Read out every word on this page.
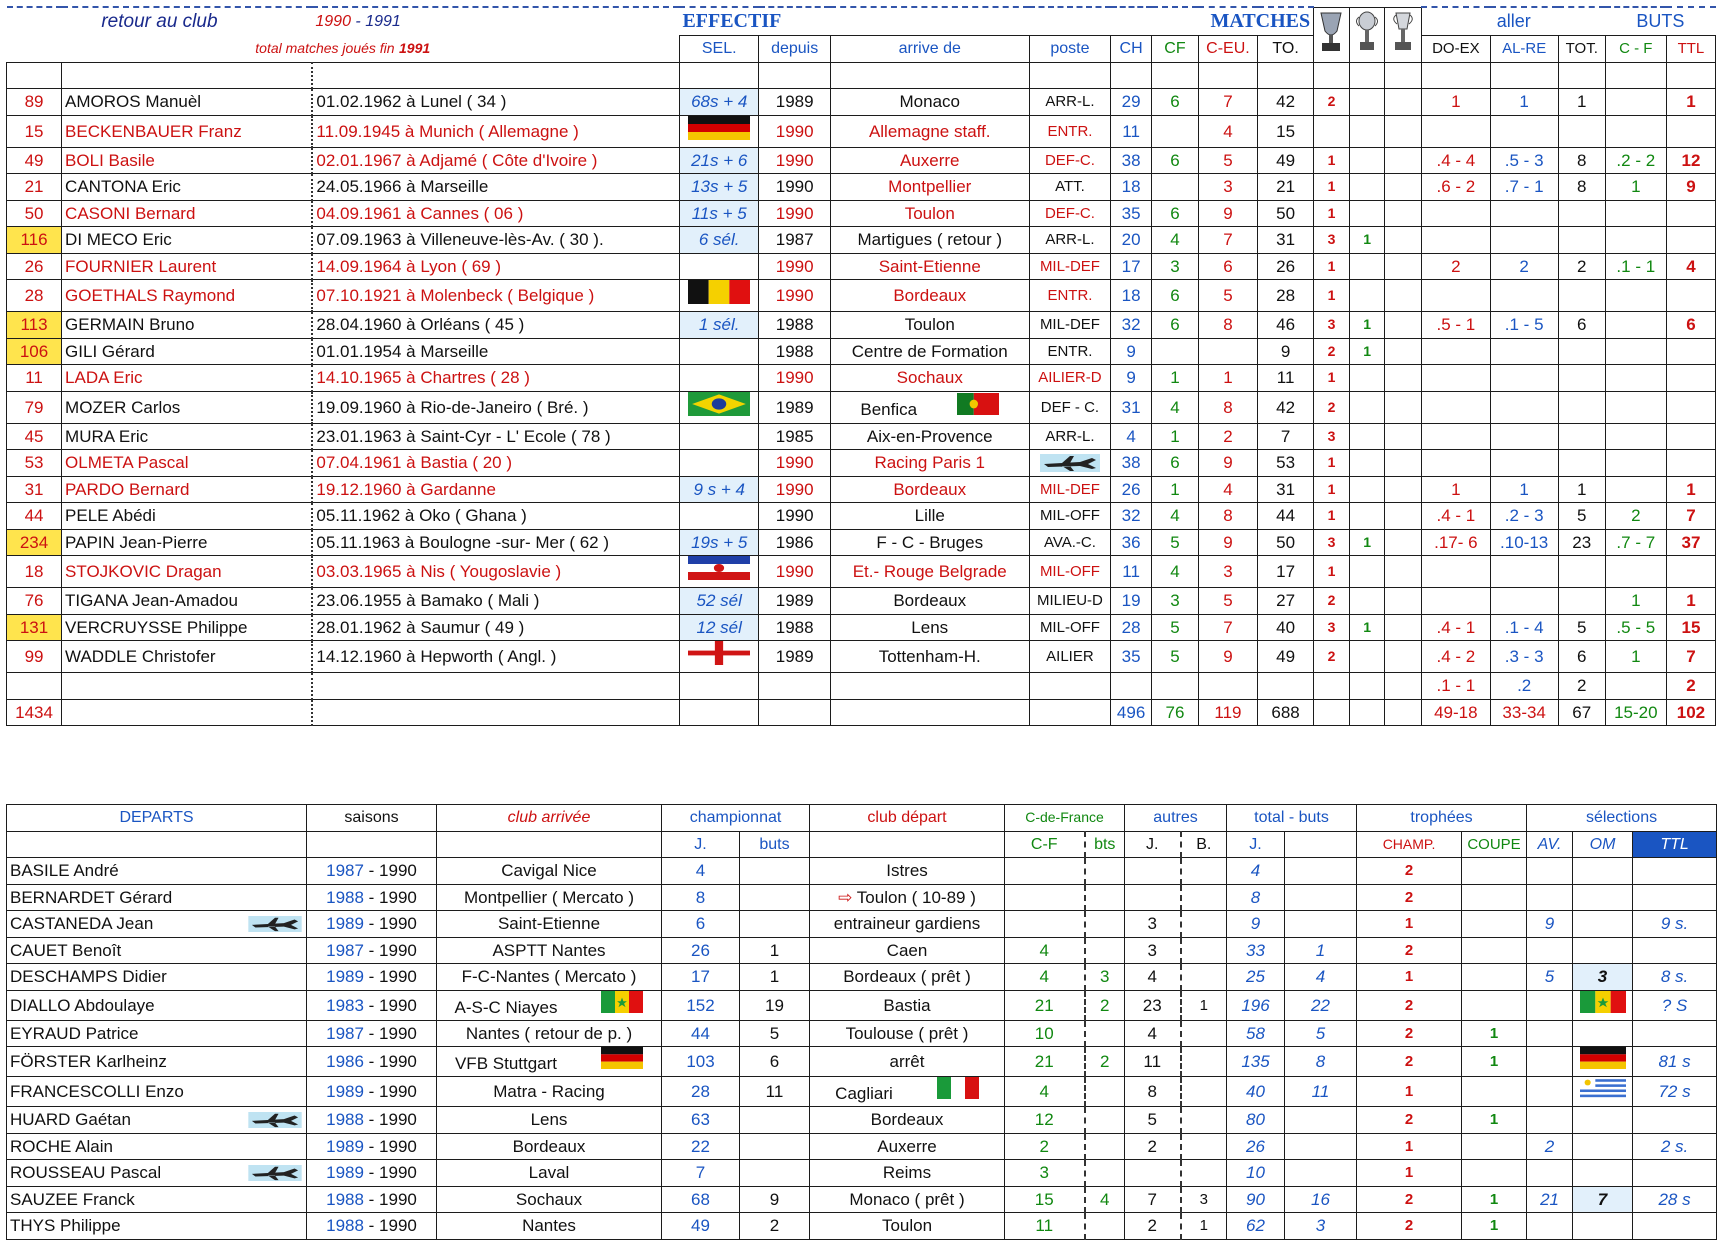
retour au club		1990 - 1991	EFFECTIF			MATCHES								aller			BUTS	
total matches joués fin 1991			SEL.	depuis	arrive de	poste	CH	CF	C-EU.	TO.				DO-EX	AL-RE	TOT.	C - F	TTL

89	AMOROS Manuèl	01.02.1962 à Lunel ( 34 )	68s + 4	1989	Monaco	ARR-L.	29	6	7	42	2			1	1	1		1
15	BECKENBAUER Franz	11.09.1945 à Munich ( Allemagne )		1990	Allemagne staff.	ENTR.	11		4	15								
49	BOLI Basile	02.01.1967 à Adjamé ( Côte d'Ivoire )	21s + 6	1990	Auxerre	DEF-C.	38	6	5	49	1			.4 - 4	.5 - 3	8	.2 - 2	12
21	CANTONA Eric	24.05.1966 à Marseille	13s + 5	1990	Montpellier	ATT.	18		3	21	1			.6 - 2	.7 - 1	8	1	9
50	CASONI Bernard	04.09.1961 à Cannes ( 06 )	11s + 5	1990	Toulon	DEF-C.	35	6	9	50	1							
116	DI MECO Eric	07.09.1963 à Villeneuve-lès-Av. ( 30 ).	6 sél.	1987	Martigues ( retour )	ARR-L.	20	4	7	31	3	1						
26	FOURNIER Laurent	14.09.1964 à Lyon ( 69 )		1990	Saint-Etienne	MIL-DEF	17	3	6	26	1			2	2	2	.1 - 1	4
28	GOETHALS Raymond	07.10.1921 à Molenbeck ( Belgique )		1990	Bordeaux	ENTR.	18	6	5	28	1							
113	GERMAIN Bruno	28.04.1960 à Orléans ( 45 )	1 sél.	1988	Toulon	MIL-DEF	32	6	8	46	3	1		.5 - 1	.1 - 5	6		6
106	GILI Gérard	01.01.1954 à Marseille		1988	Centre de Formation	ENTR.	9			9	2	1						
11	LADA Eric	14.10.1965 à Chartres ( 28 )		1990	Sochaux	AILIER-D	9	1	1	11	1							
79	MOZER Carlos	19.09.1960 à Rio-de-Janeiro ( Bré. )		1989	Benfica	DEF - C.	31	4	8	42	2							
45	MURA Eric	23.01.1963 à Saint-Cyr - L' Ecole ( 78 )		1985	Aix-en-Provence	ARR-L.	4	1	2	7	3							
53	OLMETA Pascal	07.04.1961 à Bastia ( 20 )		1990	Racing Paris 1		38	6	9	53	1							
31	PARDO Bernard	19.12.1960 à Gardanne	9 s + 4	1990	Bordeaux	MIL-DEF	26	1	4	31	1			1	1	1		1
44	PELE Abédi	05.11.1962 à Oko ( Ghana )		1990	Lille	MIL-OFF	32	4	8	44	1			.4 - 1	.2 - 3	5	2	7
234	PAPIN Jean-Pierre	05.11.1963 à Boulogne -sur- Mer ( 62 )	19s + 5	1986	F - C - Bruges	AVA.-C.	36	5	9	50	3	1		.17- 6	.10-13	23	.7 - 7	37
18	STOJKOVIC Dragan	03.03.1965 à Nis ( Yougoslavie )		1990	Et.- Rouge Belgrade	MIL-OFF	11	4	3	17	1							
76	TIGANA Jean-Amadou	23.06.1955 à Bamako ( Mali )	52 sél	1989	Bordeaux	MILIEU-D	19	3	5	27	2						1	1
131	VERCRUYSSE Philippe	28.01.1962 à Saumur ( 49 )	12 sél	1988	Lens	MIL-OFF	28	5	7	40	3	1		.4 - 1	.1 - 4	5	.5 - 5	15
99	WADDLE Christofer	14.12.1960 à Hepworth ( Angl. )		1989	Tottenham-H.	AILIER	35	5	9	49	2			.4 - 2	.3 - 3	6	1	7
														.1 - 1	.2	2		2
1434							496	76	119	688				49-18	33-34	67	15-20	102
DEPARTS	saisons	club arrivée	championnat		club départ	C-de-France		autres		total - buts		trophées		sélections		
			J.	buts		C-F	bts	J.	B.	J.		CHAMP.	COUPE	AV.	OM	TTL
BASILE André	1987 - 1990	Cavigal Nice	4		Istres					4		2				
BERNARDET Gérard	1988 - 1990	Montpellier ( Mercato )	8		⇨ Toulon ( 10-89 )					8		2				
CASTANEDA Jean	1989 - 1990	Saint-Etienne	6		entraineur gardiens			3		9		1		9		9 s.
CAUET Benoît	1987 - 1990	ASPTT Nantes	26	1	Caen	4		3		33	1	2				
DESCHAMPS Didier	1989 - 1990	F-C-Nantes ( Mercato )	17	1	Bordeaux ( prêt )	4	3	4		25	4	1		5	3	8 s.
DIALLO Abdoulaye	1983 - 1990	A-S-C Niayes	152	19	Bastia	21	2	23	1	196	22	2				? S
EYRAUD Patrice	1987 - 1990	Nantes ( retour de p. )	44	5	Toulouse ( prêt )	10		4		58	5	2	1			
FÖRSTER Karlheinz	1986 - 1990	VFB Stuttgart	103	6	arrêt	21	2	11		135	8	2	1			81 s
FRANCESCOLLI Enzo	1989 - 1990	Matra - Racing	28	11	Cagliari	4		8		40	11	1				72 s
HUARD Gaétan	1988 - 1990	Lens	63		Bordeaux	12		5		80		2	1			
ROCHE Alain	1989 - 1990	Bordeaux	22		Auxerre	2		2		26		1		2		2 s.
ROUSSEAU Pascal	1989 - 1990	Laval	7		Reims	3				10		1				
SAUZEE Franck	1988 - 1990	Sochaux	68	9	Monaco ( prêt )	15	4	7	3	90	16	2	1	21	7	28 s
THYS Philippe	1988 - 1990	Nantes	49	2	Toulon	11		2	1	62	3	2	1			
